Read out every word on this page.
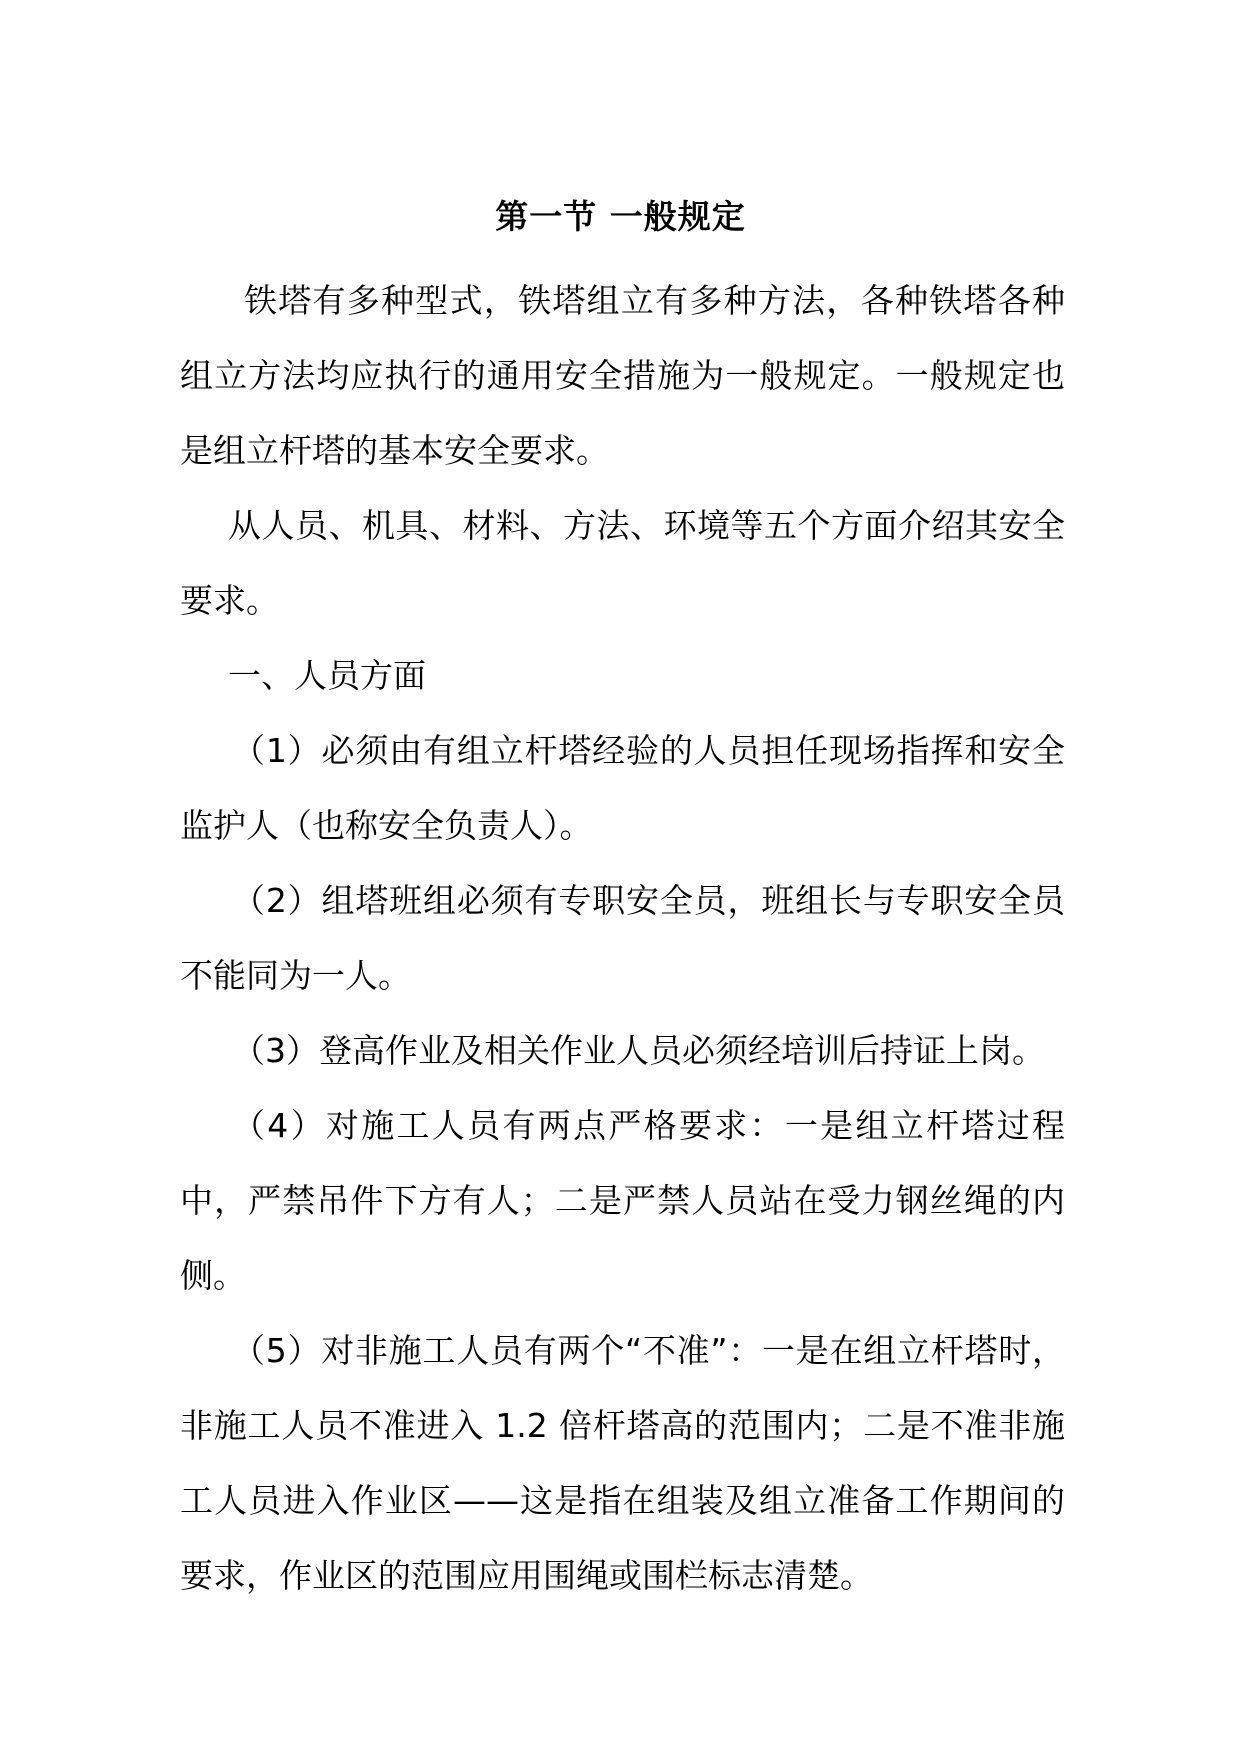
第一节 一般规定

铁塔有多种型式，铁塔组立有多种方法，各种铁塔各种组立方法均应执行的通用安全措施为一般规定。一般规定也是组立杆塔的基本安全要求。

从人员、机具、材料、方法、环境等五个方面介绍其安全要求。

一、人员方面

（1）必须由有组立杆塔经验的人员担任现场指挥和安全监护人（也称安全负责人）。

（2）组塔班组必须有专职安全员，班组长与专职安全员不能同为一人。

（3）登高作业及相关作业人员必须经培训后持证上岗。

（4）对施工人员有两点严格要求：一是组立杆塔过程中，严禁吊件下方有人；二是严禁人员站在受力钢丝绳的内侧。

（5）对非施工人员有两个“不准”：一是在组立杆塔时，非施工人员不准进入 1.2 倍杆塔高的范围内；二是不准非施工人员进入作业区——这是指在组装及组立准备工作期间的要求，作业区的范围应用围绳或围栏标志清楚。
